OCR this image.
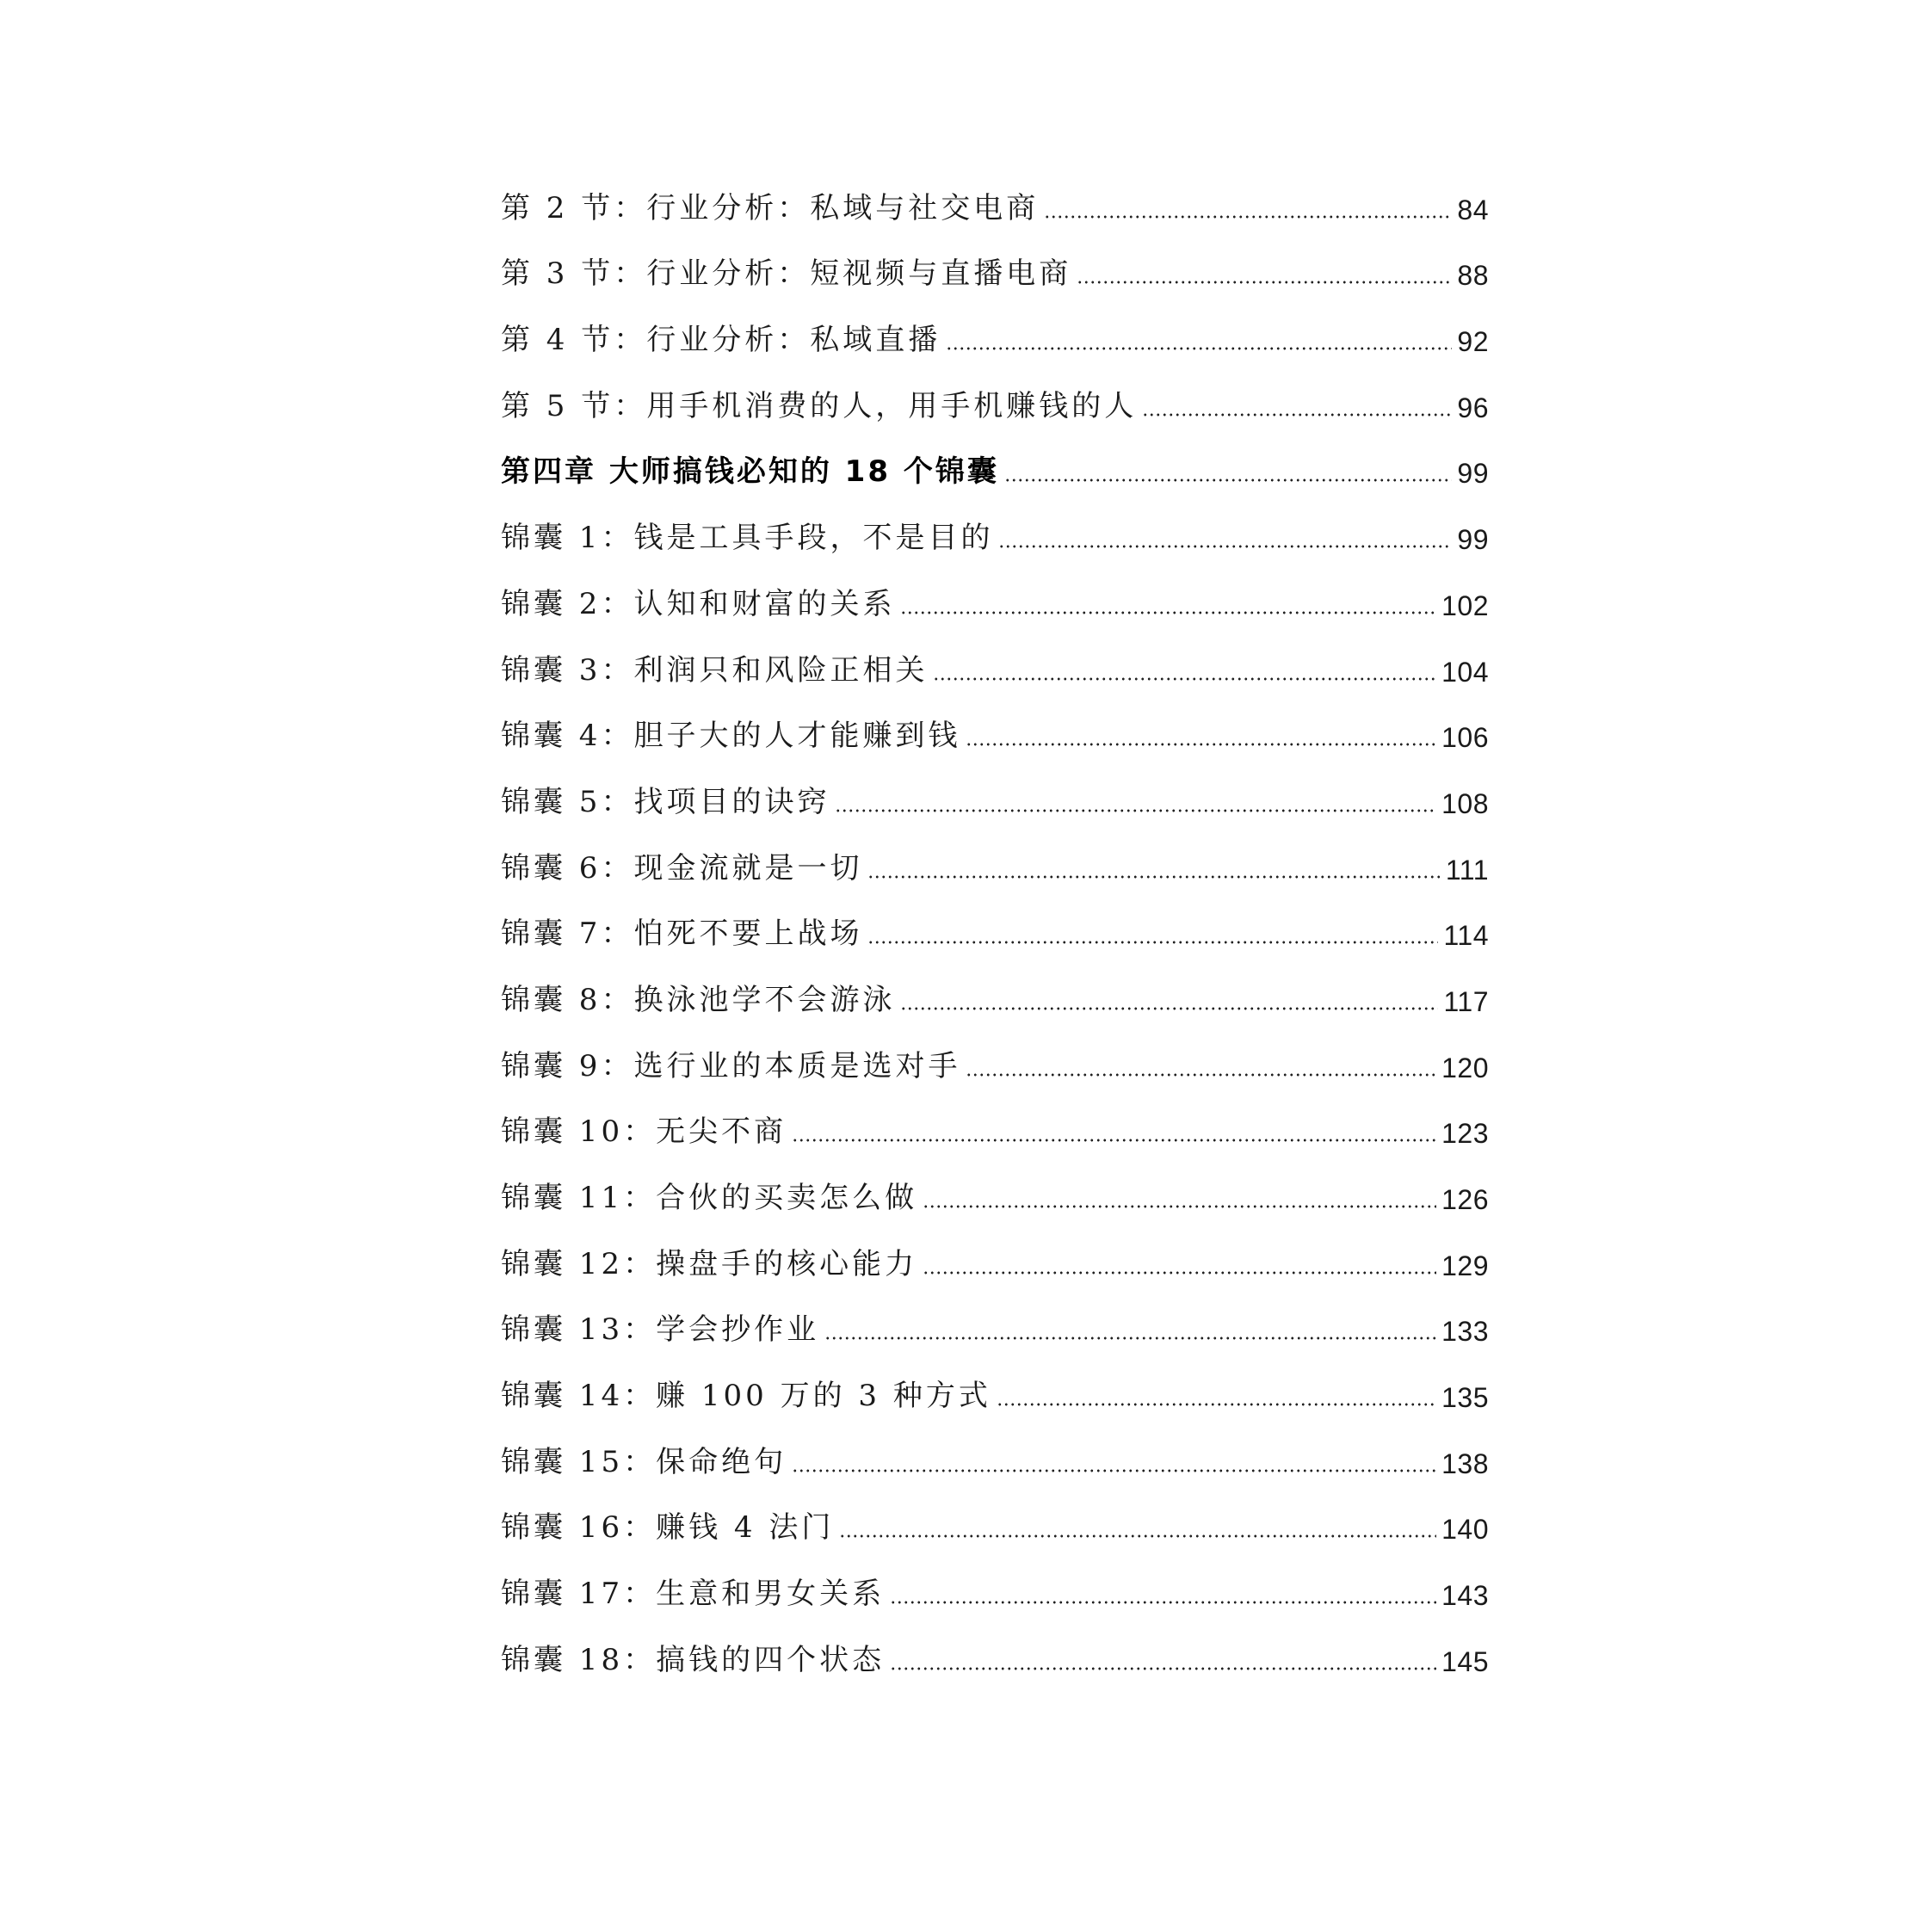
第 2 节：行业分析：私域与社交电商	84
第 3 节：行业分析：短视频与直播电商	88
第 4 节：行业分析：私域直播	92
第 5 节：用手机消费的人，用手机赚钱的人	96
第四章 大师搞钱必知的 18 个锦囊	99
锦囊 1：钱是工具手段，不是目的	99
锦囊 2：认知和财富的关系	102
锦囊 3：利润只和风险正相关	104
锦囊 4：胆子大的人才能赚到钱	106
锦囊 5：找项目的诀窍	108
锦囊 6：现金流就是一切	111
锦囊 7：怕死不要上战场	114
锦囊 8：换泳池学不会游泳	117
锦囊 9：选行业的本质是选对手	120
锦囊 10：无尖不商	123
锦囊 11：合伙的买卖怎么做	126
锦囊 12：操盘手的核心能力	129
锦囊 13：学会抄作业	133
锦囊 14：赚 100 万的 3 种方式	135
锦囊 15：保命绝句	138
锦囊 16：赚钱 4 法门	140
锦囊 17：生意和男女关系	143
锦囊 18：搞钱的四个状态	145
